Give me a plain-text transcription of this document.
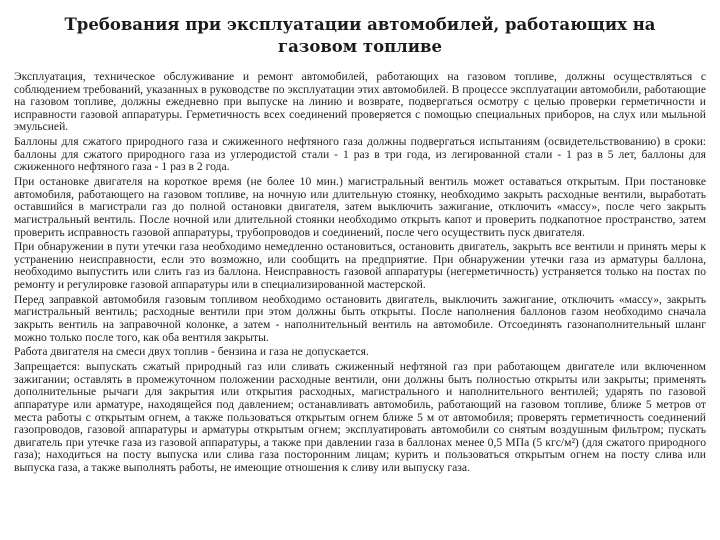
Требования при эксплуатации автомобилей, работающих на газовом топливе

Эксплуатация, техническое обслуживание и ремонт автомобилей, работающих на газовом топливе, должны осуществляться с соблюдением требований, указанных в руководстве по эксплуатации этих автомобилей. В процессе эксплуатации автомобили, работающие на газовом топливе, должны ежедневно при выпуске на линию и возврате, подвергаться осмотру с целью проверки герметичности и исправности газовой аппаратуры. Герметичность всех соединений проверяется с помощью специальных приборов, на слух или мыльной эмульсией.

Баллоны для сжатого природного газа и сжиженного нефтяного газа должны подвергаться испытаниям (освидетельствованию) в сроки: баллоны для сжатого природного газа из углеродистой стали - 1 раз в три года, из легированной стали - 1 раз в 5 лет, баллоны для сжиженного нефтяного газа - 1 раз в 2 года.

При остановке двигателя на короткое время (не более 10 мин.) магистральный вентиль может оставаться открытым. При постановке автомобиля, работающего на газовом топливе, на ночную или длительную стоянку, необходимо закрыть расходные вентили, выработать оставшийся в магистрали газ до полной остановки двигателя, затем выключить зажигание, отключить «массу», после чего закрыть магистральный вентиль. После ночной или длительной стоянки необходимо открыть капот и проверить подкапотное пространство, затем проверить исправность газовой аппаратуры, трубопроводов и соединений, после чего осуществить пуск двигателя.

При обнаружении в пути утечки газа необходимо немедленно остановиться, остановить двигатель, закрыть все вентили и принять меры к устранению неисправности, если это возможно, или сообщить на предприятие. При обнаружении утечки газа из арматуры баллона, необходимо выпустить или слить газ из баллона. Неисправность газовой аппаратуры (негерметичность) устраняется только на постах по ремонту и регулировке газовой аппаратуры или в специализированной мастерской.

Перед заправкой автомобиля газовым топливом необходимо остановить двигатель, выключить зажигание, отключить «массу», закрыть магистральный вентиль; расходные вентили при этом должны быть открыты. После наполнения баллонов газом необходимо сначала закрыть вентиль на заправочной колонке, а затем - наполнительный вентиль на автомобиле. Отсоединять газонаполнительный шланг можно только после того, как оба вентиля закрыты.

Работа двигателя на смеси двух топлив - бензина и газа не допускается.

Запрещается: выпускать сжатый природный газ или сливать сжиженный нефтяной газ при работающем двигателе или включенном зажигании; оставлять в промежуточном положении расходные вентили, они должны быть полностью открыты или закрыты; применять дополнительные рычаги для закрытия или открытия расходных, магистрального и наполнительного вентилей; ударять по газовой аппаратуре или арматуре, находящейся под давлением; останавливать автомобиль, работающий на газовом топливе, ближе 5 метров от места работы с открытым огнем, а также пользоваться открытым огнем ближе 5 м от автомобиля; проверять герметичность соединений газопроводов, газовой аппаратуры и арматуры открытым огнем; эксплуатировать автомобили со снятым воздушным фильтром; пускать двигатель при утечке газа из газовой аппаратуры, а также при давлении газа в баллонах менее 0,5 МПа (5 кгс/м²) (для сжатого природного газа); находиться на посту выпуска или слива газа посторонним лицам; курить и пользоваться открытым огнем на посту слива или выпуска газа, а также выполнять работы, не имеющие отношения к сливу или выпуску газа.
